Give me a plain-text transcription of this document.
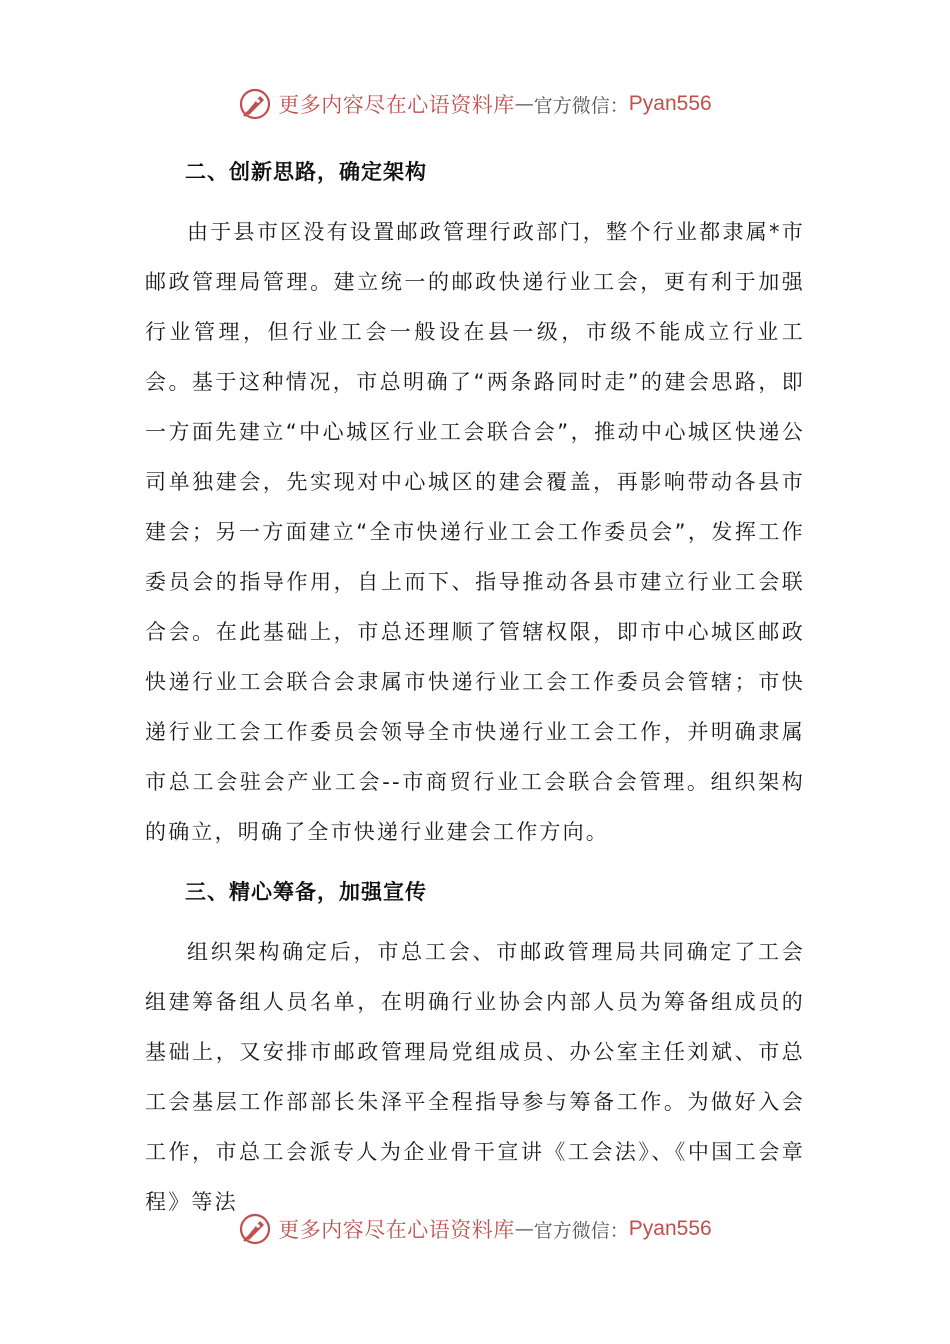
更多内容尽在心语资料库 — 官方微信： Pyan556
二、创新思路，确定架构

由于县市区没有设置邮政管理行政部门，整个行业都隶属*市邮政管理局管理。建立统一的邮政快递行业工会，更有利于加强行业管理，但行业工会一般设在县一级，市级不能成立行业工会。基于这种情况，市总明确了“两条路同时走”的建会思路，即一方面先建立“中心城区行业工会联合会”，推动中心城区快递公司单独建会，先实现对中心城区的建会覆盖，再影响带动各县市建会；另一方面建立“全市快递行业工会工作委员会”，发挥工作委员会的指导作用，自上而下、指导推动各县市建立行业工会联合会。在此基础上，市总还理顺了管辖权限，即市中心城区邮政快递行业工会联合会隶属市快递行业工会工作委员会管辖；市快递行业工会工作委员会领导全市快递行业工会工作，并明确隶属市总工会驻会产业工会--市商贸行业工会联合会管理。组织架构的确立，明确了全市快递行业建会工作方向。

三、精心筹备，加强宣传

组织架构确定后，市总工会、市邮政管理局共同确定了工会组建筹备组人员名单，在明确行业协会内部人员为筹备组成员的基础上，又安排市邮政管理局党组成员、办公室主任刘斌、市总工会基层工作部部长朱泽平全程指导参与筹备工作。为做好入会工作，市总工会派专人为企业骨干宣讲《工会法》、《中国工会章程》等法

更多内容尽在心语资料库 — 官方微信： Pyan556
